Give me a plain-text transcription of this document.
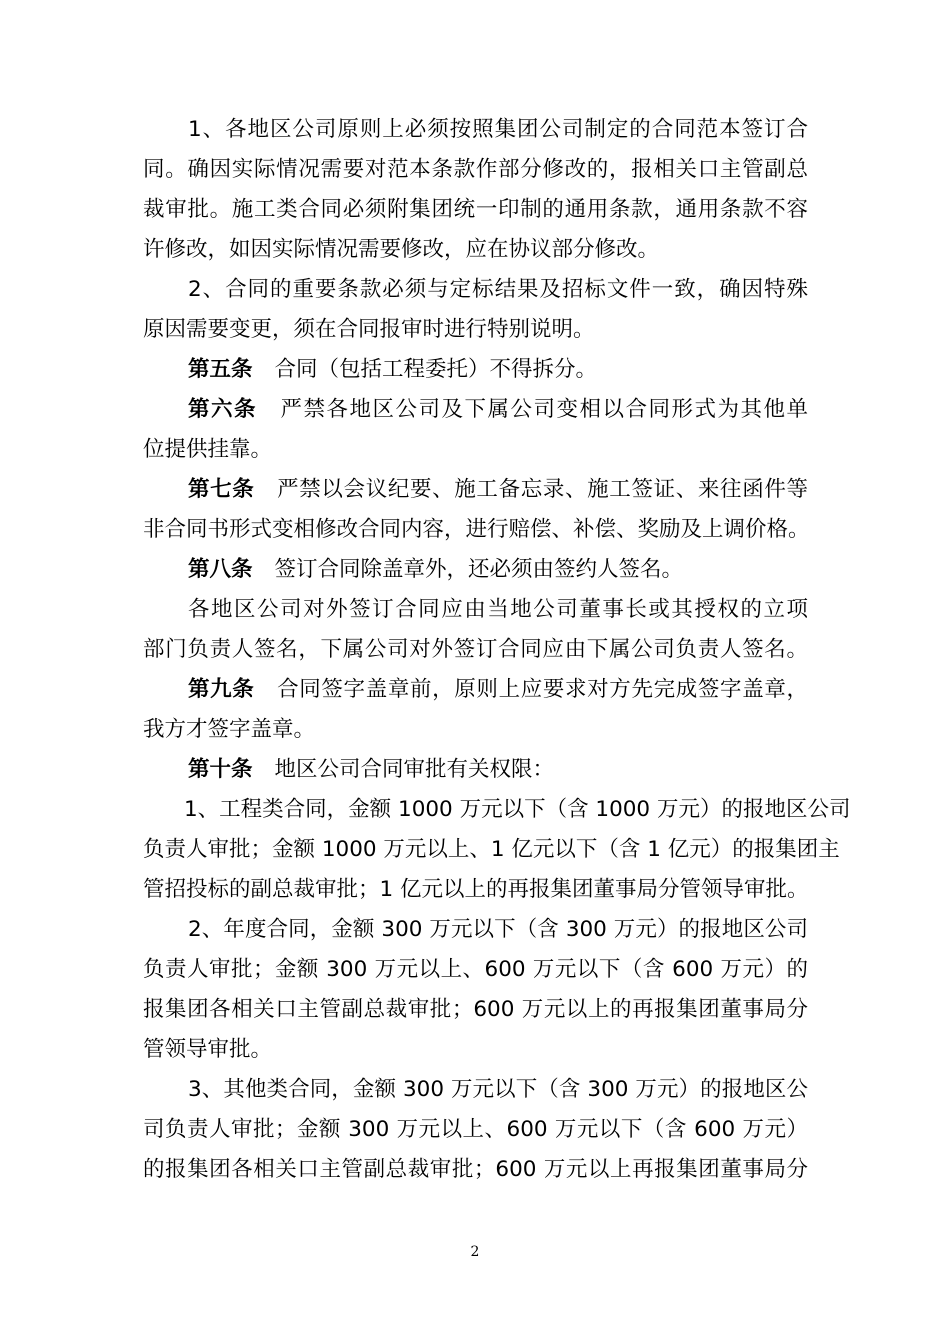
1、各地区公司原则上必须按照集团公司制定的合同范本签订合
同。确因实际情况需要对范本条款作部分修改的，报相关口主管副总
裁审批。施工类合同必须附集团统一印制的通用条款，通用条款不容
许修改，如因实际情况需要修改，应在协议部分修改。
2、合同的重要条款必须与定标结果及招标文件一致，确因特殊
原因需要变更，须在合同报审时进行特别说明。
第五条 合同（包括工程委托）不得拆分。
第六条 严禁各地区公司及下属公司变相以合同形式为其他单
位提供挂靠。
第七条 严禁以会议纪要、施工备忘录、施工签证、来往函件等
非合同书形式变相修改合同内容，进行赔偿、补偿、奖励及上调价格。
第八条 签订合同除盖章外，还必须由签约人签名。
各地区公司对外签订合同应由当地公司董事长或其授权的立项
部门负责人签名，下属公司对外签订合同应由下属公司负责人签名。
第九条 合同签字盖章前，原则上应要求对方先完成签字盖章，
我方才签字盖章。
第十条 地区公司合同审批有关权限：
1、工程类合同，金额 1000 万元以下（含 1000 万元）的报地区公司
负责人审批；金额 1000 万元以上、1 亿元以下（含 1 亿元）的报集团主
管招投标的副总裁审批；1 亿元以上的再报集团董事局分管领导审批。
2、年度合同，金额 300 万元以下（含 300 万元）的报地区公司
负责人审批；金额 300 万元以上、600 万元以下（含 600 万元）的
报集团各相关口主管副总裁审批；600 万元以上的再报集团董事局分
管领导审批。
3、其他类合同，金额 300 万元以下（含 300 万元）的报地区公
司负责人审批；金额 300 万元以上、600 万元以下（含 600 万元）
的报集团各相关口主管副总裁审批；600 万元以上再报集团董事局分
2
